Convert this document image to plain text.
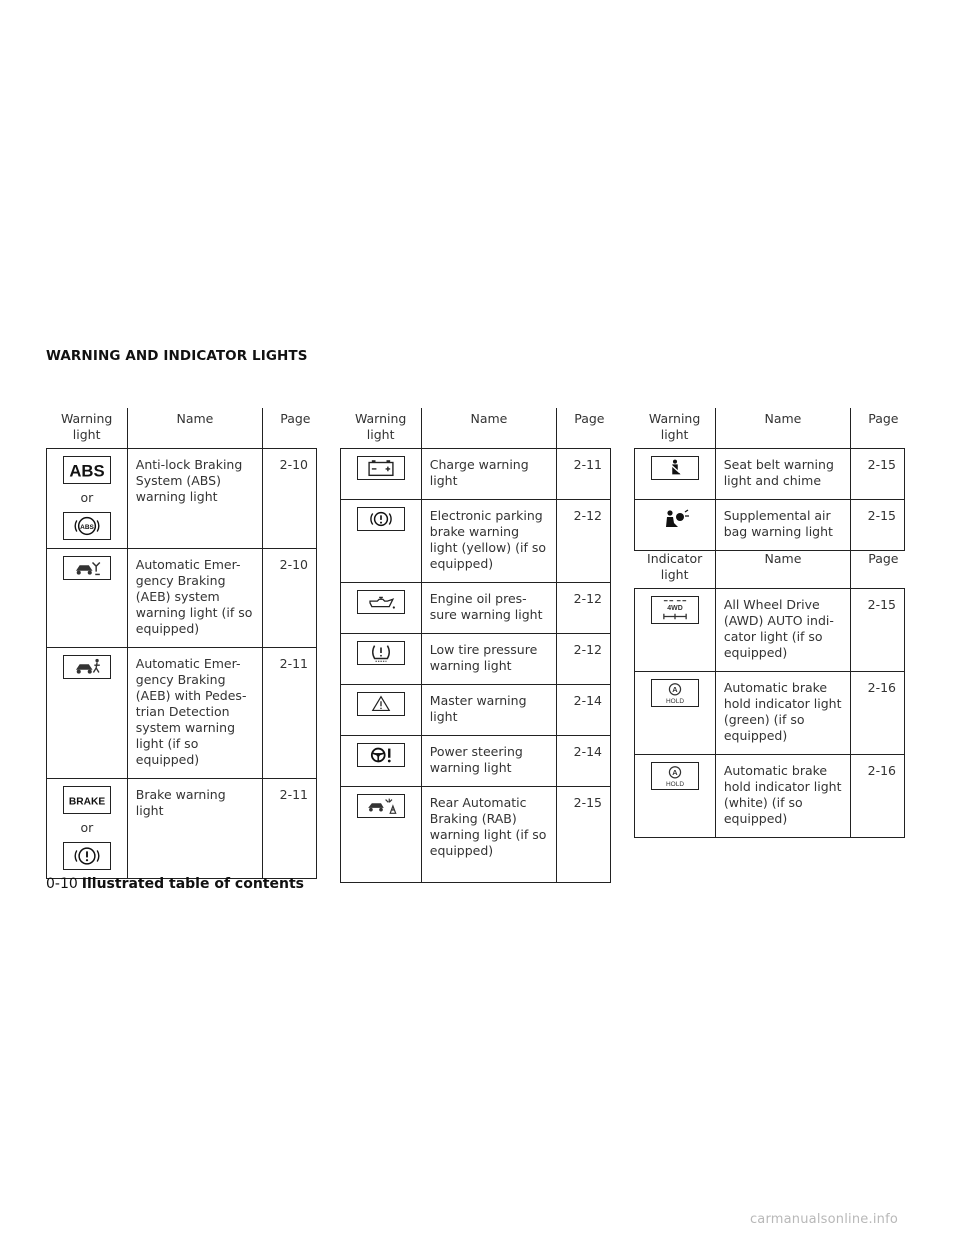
WARNING AND INDICATOR LIGHTS
Warning light	Name	Page

ABS
or
ABS	Anti-lock Braking System (ABS) warning light	2-10

	Automatic Emer-gency Braking (AEB) system warning light (if so equipped)	2-10

	Automatic Emer-gency Braking (AEB) with Pedes-trian Detection system warning light (if so equipped)	2-11

BRAKE
or	Brake warning light	2-11
Warning light	Name	Page

	Charge warning light	2-11

	Electronic parking brake warning light (yellow) (if so equipped)	2-12

	Engine oil pres-sure warning light	2-12

	Low tire pressure warning light	2-12

	Master warning light	2-14

	Power steering warning light	2-14

	Rear Automatic Braking (RAB) warning light (if so equipped)	2-15
Warning light	Name	Page

	Seat belt warning light and chime	2-15

	Supplemental air bag warning light	2-15
Indicator light	Name	Page

4WD	All Wheel Drive (AWD) AUTO indi-cator light (if so equipped)	2-15

A
HOLD	Automatic brake hold indicator light (green) (if so equipped)	2-16

A
HOLD	Automatic brake hold indicator light (white) (if so equipped)	2-16
0-10 Illustrated table of contents
carmanualsonline.info
